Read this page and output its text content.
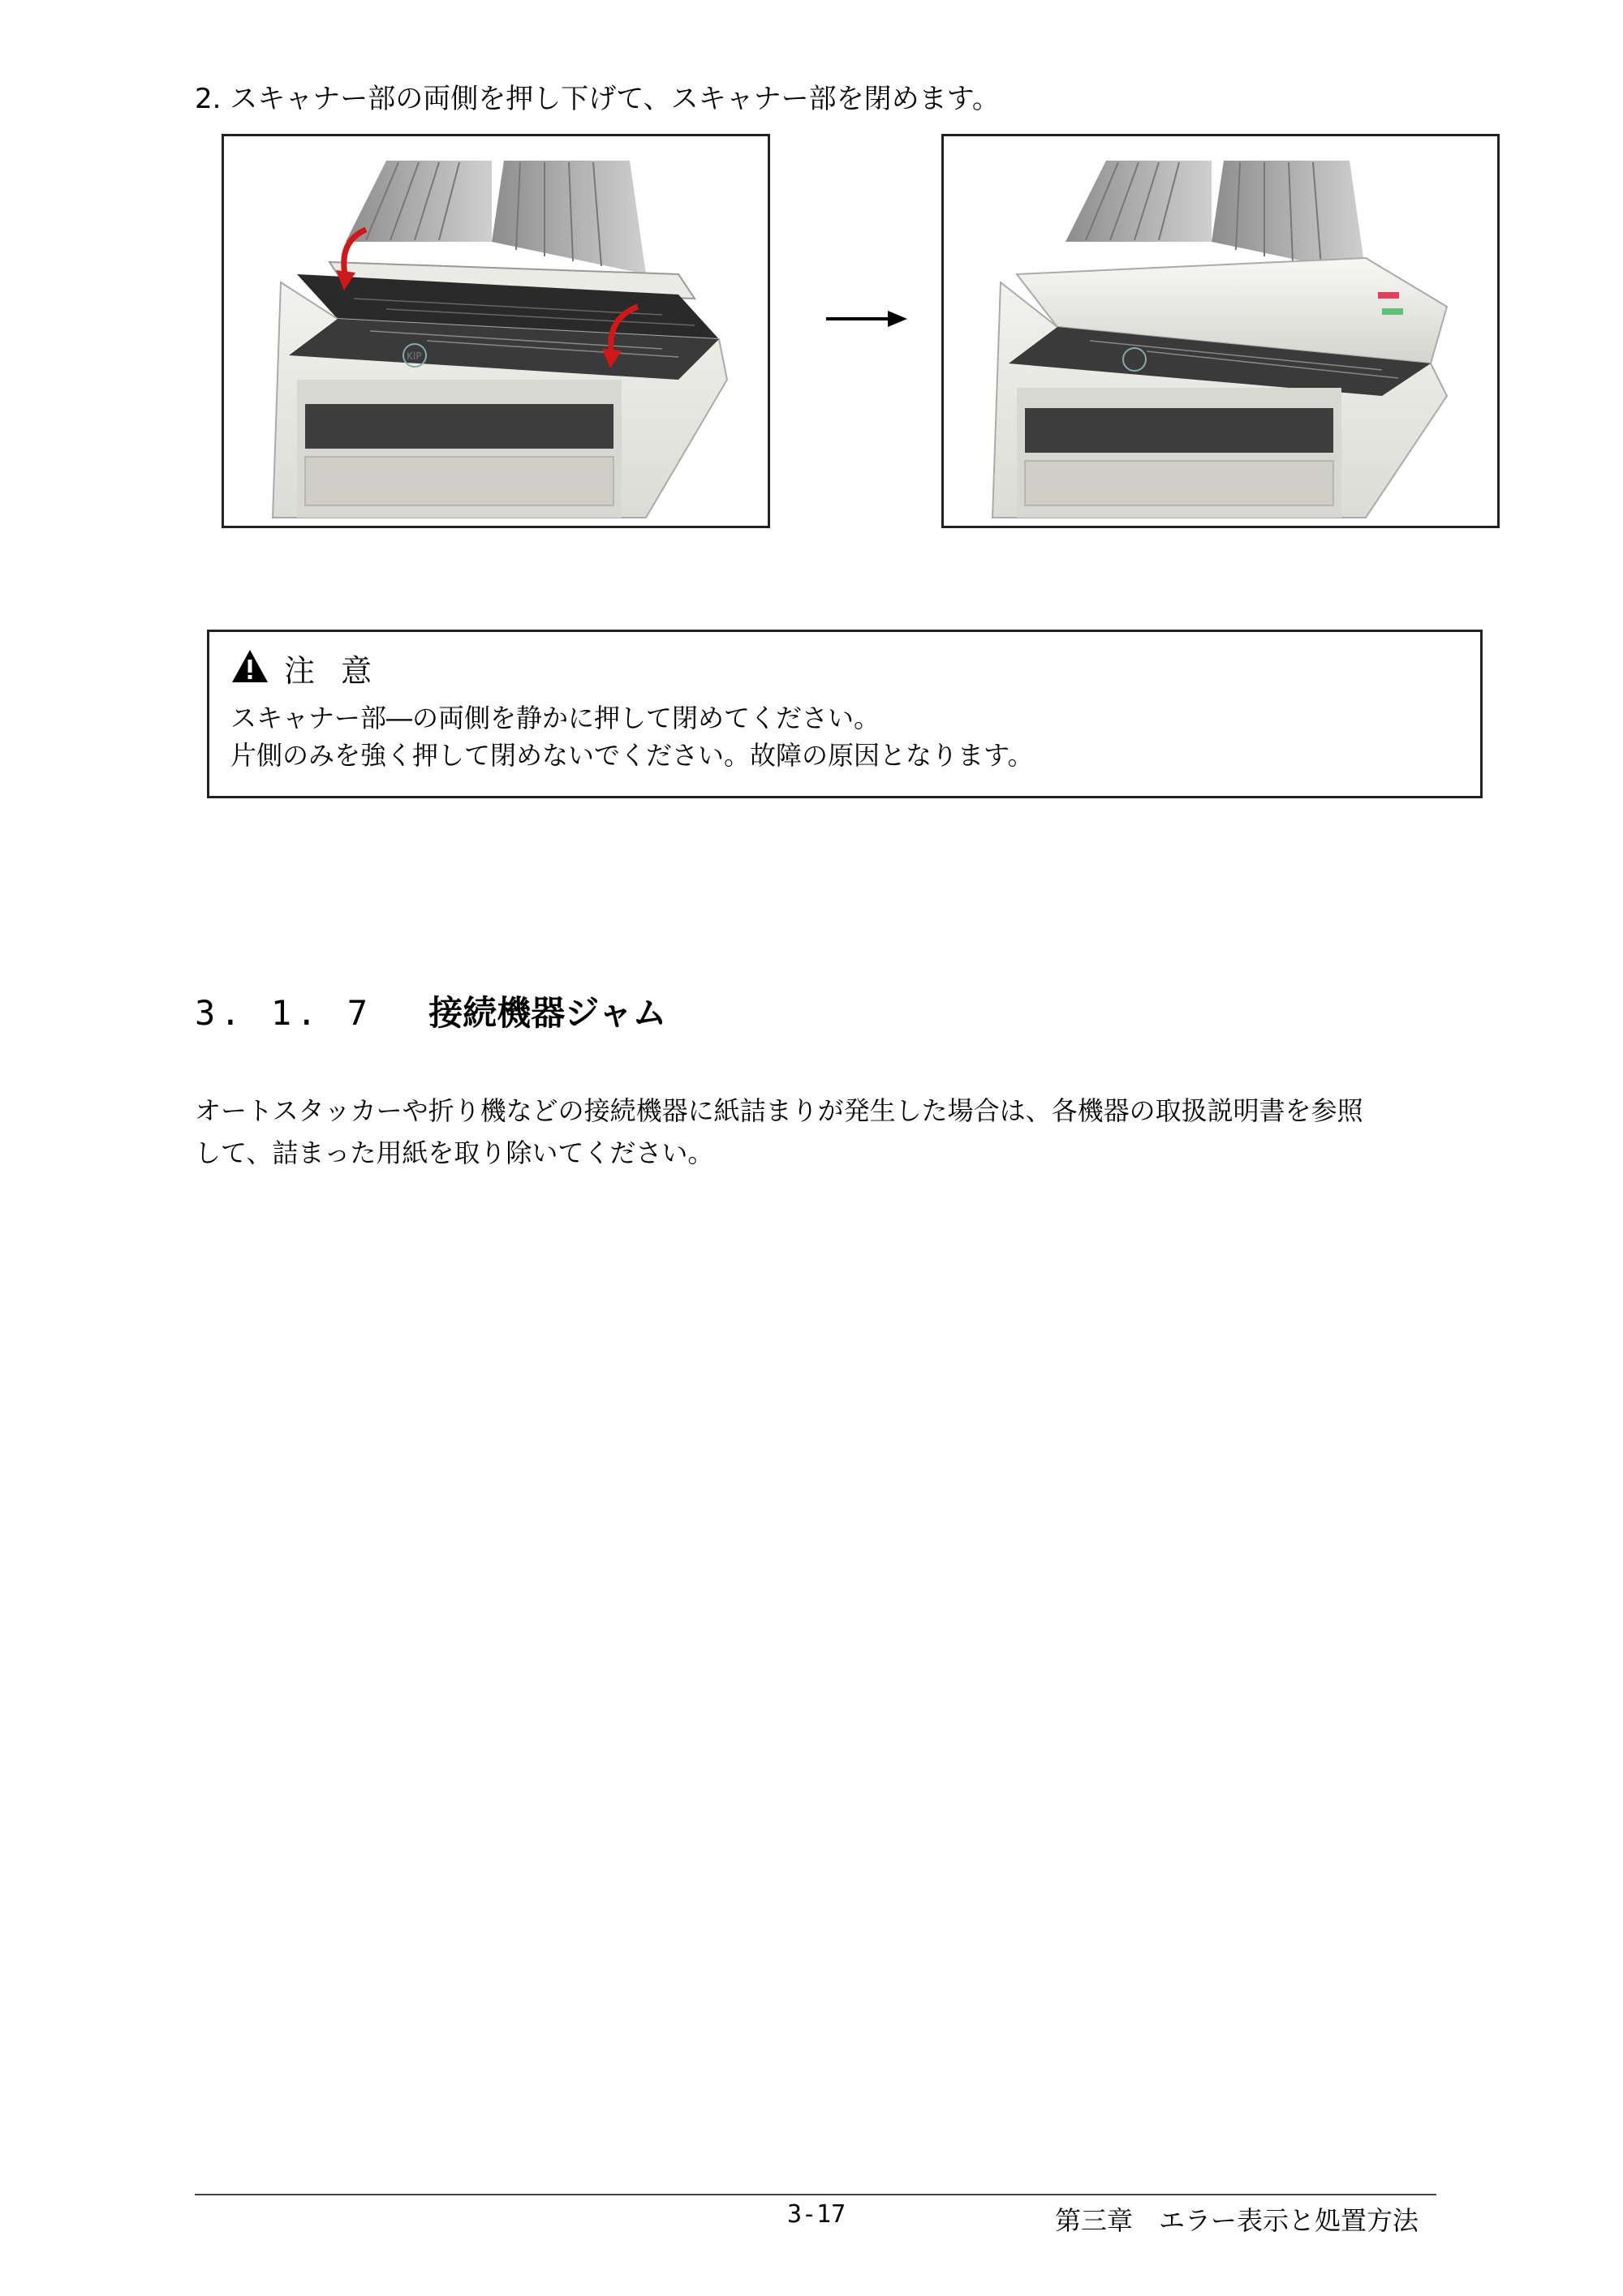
2. スキャナー部の両側を押し下げて、スキャナー部を閉めます。
KIP
注 意
スキャナー部―の両側を静かに押して閉めてください。
片側のみを強く押して閉めないでください。故障の原因となります。
3. 1. 7 接続機器ジャム
オートスタッカーや折り機などの接続機器に紙詰まりが発生した場合は、各機器の取扱説明書を参照
して、詰まった用紙を取り除いてください。
3-17	第三章　エラー表示と処置方法
